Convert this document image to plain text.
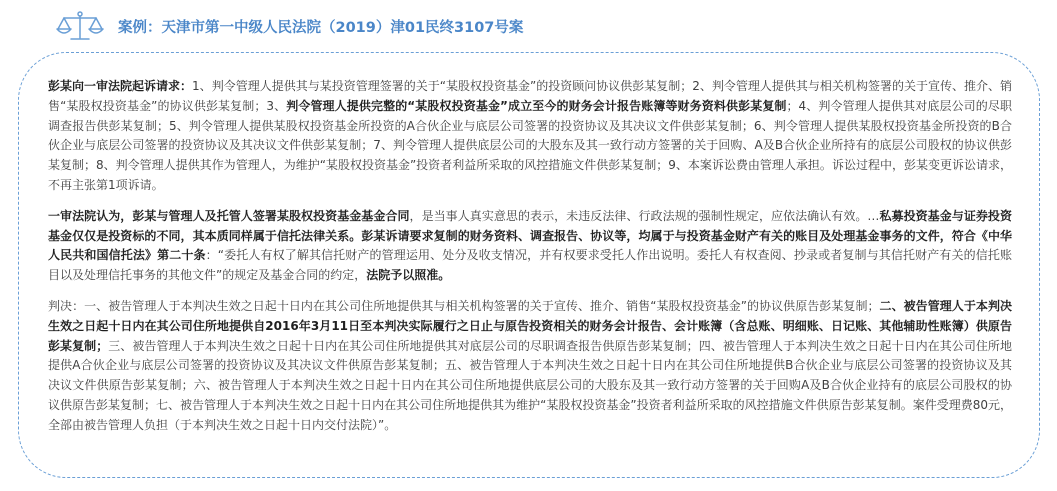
案例：天津市第一中级人民法院（2019）津01民终3107号案

彭某向一审法院起诉请求：1、判令管理人提供其与某投资管理签署的关于“某股权投资基金”的投资顾问协议供彭某复制；2、判令管理人提供其与相关机构签署的关于宣传、推介、销售“某股权投资基金”的协议供彭某复制；3、判令管理人提供完整的“某股权投资基金”成立至今的财务会计报告账簿等财务资料供彭某复制；4、判令管理人提供其对底层公司的尽职调查报告供彭某复制；5、判令管理人提供某股权投资基金所投资的A合伙企业与底层公司签署的投资协议及其决议文件供彭某复制；6、判令管理人提供某股权投资基金所投资的B合伙企业与底层公司签署的投资协议及其决议文件供彭某复制；7、判令管理人提供底层公司的大股东及其一致行动方签署的关于回购、A及B合伙企业所持有的底层公司股权的协议供彭某复制；8、判令管理人提供其作为管理人，为维护“某股权投资基金”投资者利益所采取的风控措施文件供彭某复制；9、本案诉讼费由管理人承担。诉讼过程中，彭某变更诉讼请求，不再主张第1项诉请。

一审法院认为，彭某与管理人及托管人签署某股权投资基金基金合同，是当事人真实意思的表示，未违反法律、行政法规的强制性规定，应依法确认有效。…私募投资基金与证券投资基金仅仅是投资标的不同，其本质同样属于信托法律关系。彭某诉请要求复制的财务资料、调查报告、协议等，均属于与投资基金财产有关的账目及处理基金事务的文件，符合《中华人民共和国信托法》第二十条：“委托人有权了解其信托财产的管理运用、处分及收支情况，并有权要求受托人作出说明。委托人有权查阅、抄录或者复制与其信托财产有关的信托账目以及处理信托事务的其他文件”的规定及基金合同的约定，法院予以照准。

判决：一、被告管理人于本判决生效之日起十日内在其公司住所地提供其与相关机构签署的关于宣传、推介、销售“某股权投资基金”的协议供原告彭某复制；二、被告管理人于本判决生效之日起十日内在其公司住所地提供自2016年3月11日至本判决实际履行之日止与原告投资相关的财务会计报告、会计账簿（含总账、明细账、日记账、其他辅助性账簿）供原告彭某复制；三、被告管理人于本判决生效之日起十日内在其公司住所地提供其对底层公司的尽职调查报告供原告彭某复制；四、被告管理人于本判决生效之日起十日内在其公司住所地提供A合伙企业与底层公司签署的投资协议及其决议文件供原告彭某复制；五、被告管理人于本判决生效之日起十日内在其公司住所地提供B合伙企业与底层公司签署的投资协议及其决议文件供原告彭某复制；六、被告管理人于本判决生效之日起十日内在其公司住所地提供底层公司的大股东及其一致行动方签署的关于回购A及B合伙企业持有的底层公司股权的协议供原告彭某复制；七、被告管理人于本判决生效之日起十日内在其公司住所地提供其为维护“某股权投资基金”投资者利益所采取的风控措施文件供原告彭某复制。案件受理费80元，全部由被告管理人负担（于本判决生效之日起十日内交付法院）”。
